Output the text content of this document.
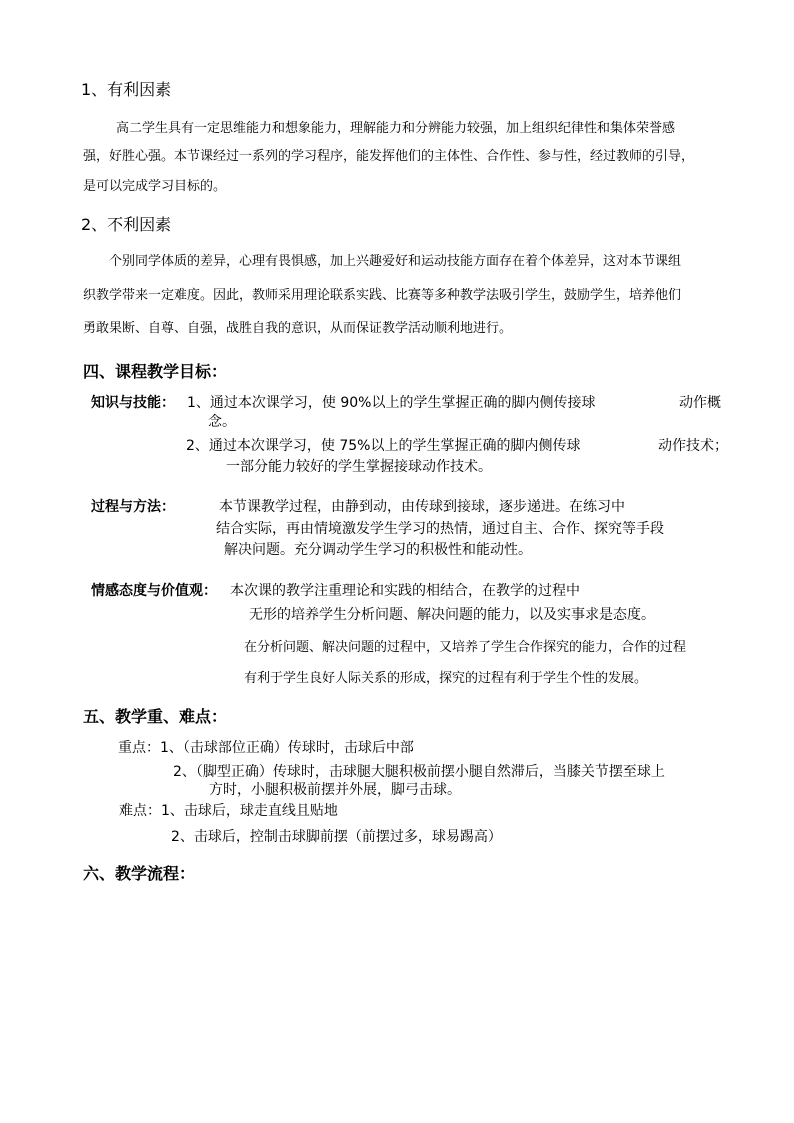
1、有利因素
高二学生具有一定思维能力和想象能力，理解能力和分辨能力较强，加上组织纪律性和集体荣誉感
强，好胜心强。本节课经过一系列的学习程序，能发挥他们的主体性、合作性、参与性，经过教师的引导，
是可以完成学习目标的。
2、不利因素
个别同学体质的差异，心理有畏惧感，加上兴趣爱好和运动技能方面存在着个体差异，这对本节课组
织教学带来一定难度。因此，教师采用理论联系实践、比赛等多种教学法吸引学生，鼓励学生，培养他们
勇敢果断、自尊、自强，战胜自我的意识，从而保证教学活动顺利地进行。
四、课程教学目标：
知识与技能： 1、通过本次课学习，使 90%以上的学生掌握正确的脚内侧传接球	动作概
念。
2、通过本次课学习，使 75%以上的学生掌握正确的脚内侧传球	动作技术；
一部分能力较好的学生掌握接球动作技术。
过程与方法：	本节课教学过程，由静到动，由传球到接球，逐步递进。在练习中
结合实际，再由情境激发学生学习的热情，通过自主、合作、探究等手段
解决问题。充分调动学生学习的积极性和能动性。
情感态度与价值观： 本次课的教学注重理论和实践的相结合，在教学的过程中
无形的培养学生分析问题、解决问题的能力，以及实事求是态度。
在分析问题、解决问题的过程中，又培养了学生合作探究的能力，合作的过程
有利于学生良好人际关系的形成，探究的过程有利于学生个性的发展。
五、教学重、难点：
重点：1、（击球部位正确）传球时，击球后中部
2、（脚型正确）传球时，击球腿大腿积极前摆小腿自然滞后，当膝关节摆至球上
方时，小腿积极前摆并外展，脚弓击球。
难点：1、击球后，球走直线且贴地
2、击球后，控制击球脚前摆（前摆过多，球易踢高）
六、教学流程：
